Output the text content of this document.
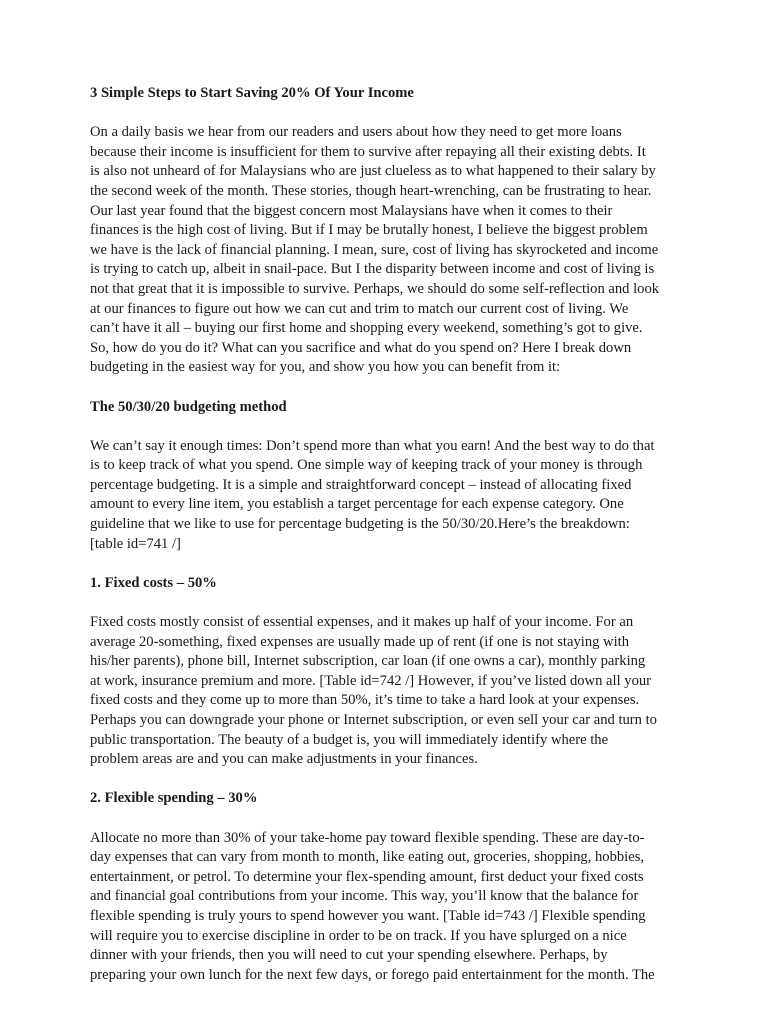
3 Simple Steps to Start Saving 20% Of Your Income
On a daily basis we hear from our readers and users about how they need to get more loans
because their income is insufficient for them to survive after repaying all their existing debts. It
is also not unheard of for Malaysians who are just clueless as to what happened to their salary by
the second week of the month. These stories, though heart-wrenching, can be frustrating to hear.
Our last year found that the biggest concern most Malaysians have when it comes to their
finances is the high cost of living. But if I may be brutally honest, I believe the biggest problem
we have is the lack of financial planning. I mean, sure, cost of living has skyrocketed and income
is trying to catch up, albeit in snail-pace. But I the disparity between income and cost of living is
not that great that it is impossible to survive. Perhaps, we should do some self-reflection and look
at our finances to figure out how we can cut and trim to match our current cost of living. We
can’t have it all – buying our first home and shopping every weekend, something’s got to give.
So, how do you do it? What can you sacrifice and what do you spend on? Here I break down
budgeting in the easiest way for you, and show you how you can benefit from it:
The 50/30/20 budgeting method
We can’t say it enough times: Don’t spend more than what you earn! And the best way to do that
is to keep track of what you spend. One simple way of keeping track of your money is through
percentage budgeting. It is a simple and straightforward concept – instead of allocating fixed
amount to every line item, you establish a target percentage for each expense category. One
guideline that we like to use for percentage budgeting is the 50/30/20.Here’s the breakdown:
[table id=741 /]
1. Fixed costs – 50%
Fixed costs mostly consist of essential expenses, and it makes up half of your income. For an
average 20-something, fixed expenses are usually made up of rent (if one is not staying with
his/her parents), phone bill, Internet subscription, car loan (if one owns a car), monthly parking
at work, insurance premium and more. [Table id=742 /] However, if you’ve listed down all your
fixed costs and they come up to more than 50%, it’s time to take a hard look at your expenses.
Perhaps you can downgrade your phone or Internet subscription, or even sell your car and turn to
public transportation. The beauty of a budget is, you will immediately identify where the
problem areas are and you can make adjustments in your finances.
2. Flexible spending – 30%
Allocate no more than 30% of your take-home pay toward flexible spending. These are day-to-
day expenses that can vary from month to month, like eating out, groceries, shopping, hobbies,
entertainment, or petrol. To determine your flex-spending amount, first deduct your fixed costs
and financial goal contributions from your income. This way, you’ll know that the balance for
flexible spending is truly yours to spend however you want. [Table id=743 /] Flexible spending
will require you to exercise discipline in order to be on track. If you have splurged on a nice
dinner with your friends, then you will need to cut your spending elsewhere. Perhaps, by
preparing your own lunch for the next few days, or forego paid entertainment for the month. The
